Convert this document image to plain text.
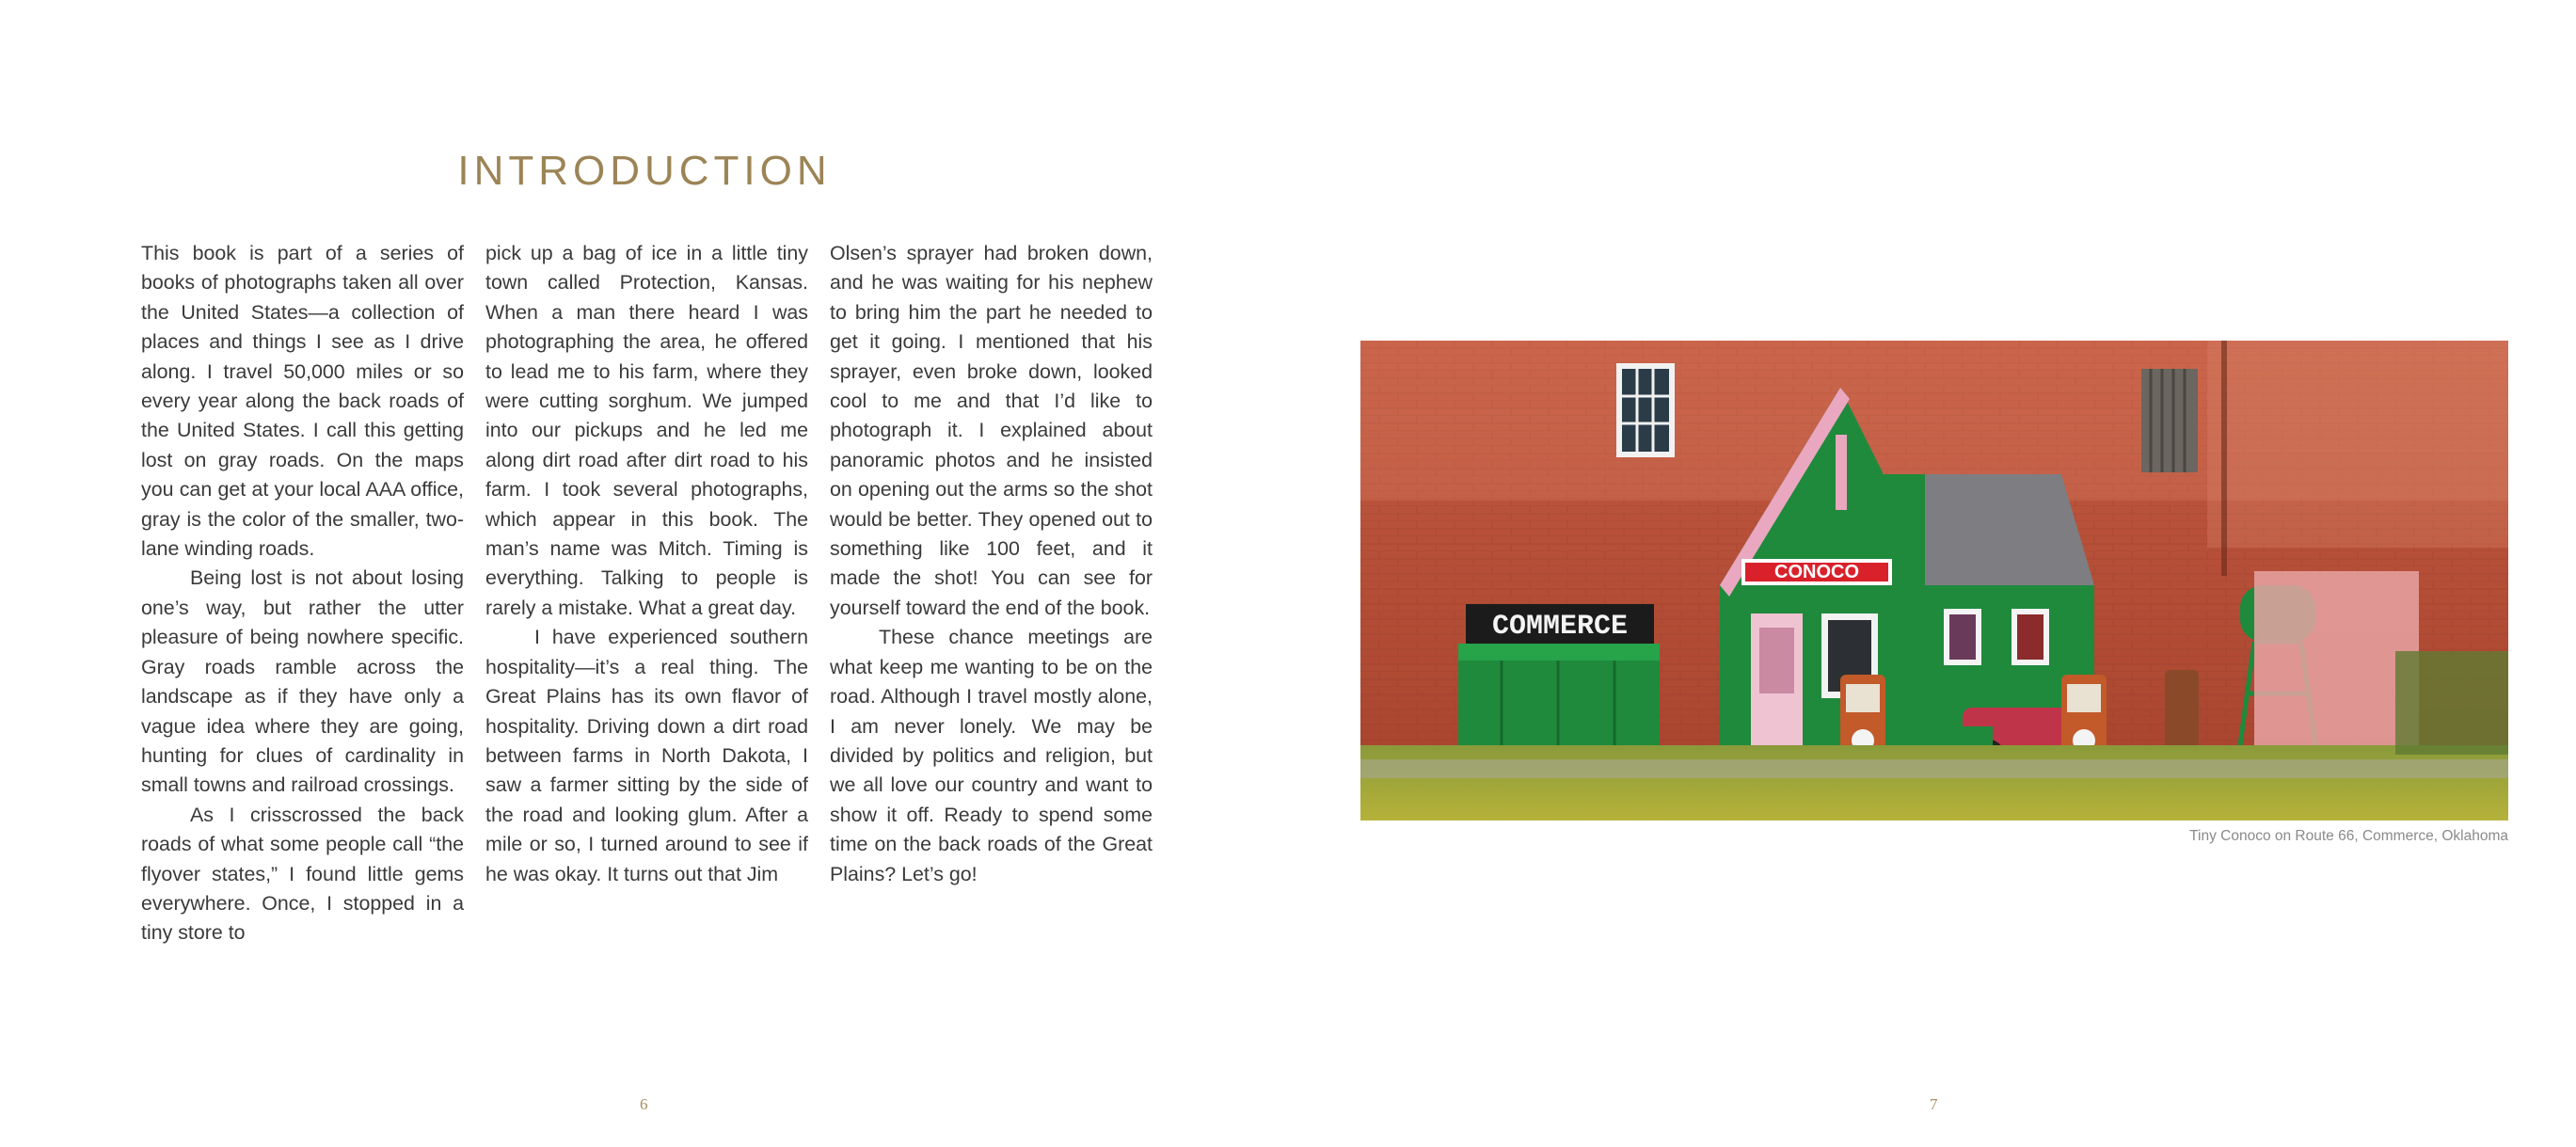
INTRODUCTION

This book is part of a series of books of photographs taken all over the United States—a collection of places and things I see as I drive along. I travel 50,000 miles or so every year along the back roads of the United States. I call this getting lost on gray roads. On the maps you can get at your local AAA office, gray is the color of the smaller, two-lane winding roads.

Being lost is not about losing one’s way, but rather the utter pleasure of being nowhere specific. Gray roads ramble across the landscape as if they have only a vague idea where they are going, hunting for clues of cardinality in small towns and railroad crossings.

As I crisscrossed the back roads of what some people call “the flyover states,” I found little gems everywhere. Once, I stopped in a tiny store to

pick up a bag of ice in a little tiny town called Protection, Kansas. When a man there heard I was photographing the area, he offered to lead me to his farm, where they were cutting sorghum. We jumped into our pickups and he led me along dirt road after dirt road to his farm. I took several photographs, which appear in this book. The man’s name was Mitch. Timing is everything. Talking to people is rarely a mistake. What a great day.

I have experienced southern hospitality—it’s a real thing. The Great Plains has its own flavor of hospitality. Driving down a dirt road between farms in North Dakota, I saw a farmer sitting by the side of the road and looking glum. After a mile or so, I turned around to see if he was okay. It turns out that Jim

Olsen’s sprayer had broken down, and he was waiting for his nephew to bring him the part he needed to get it going. I mentioned that his sprayer, even broke down, looked cool to me and that I’d like to photograph it. I explained about panoramic photos and he insisted on opening out the arms so the shot would be better. They opened out to something like 100 feet, and it made the shot! You can see for yourself toward the end of the book.

These chance meetings are what keep me wanting to be on the road. Although I travel mostly alone, I am never lonely. We may be divided by politics and religion, but we all love our country and want to show it off. Ready to spend some time on the back roads of the Great Plains? Let’s go!

6
COMMERCE
CONOCO
Tiny Conoco on Route 66, Commerce, Oklahoma
7
